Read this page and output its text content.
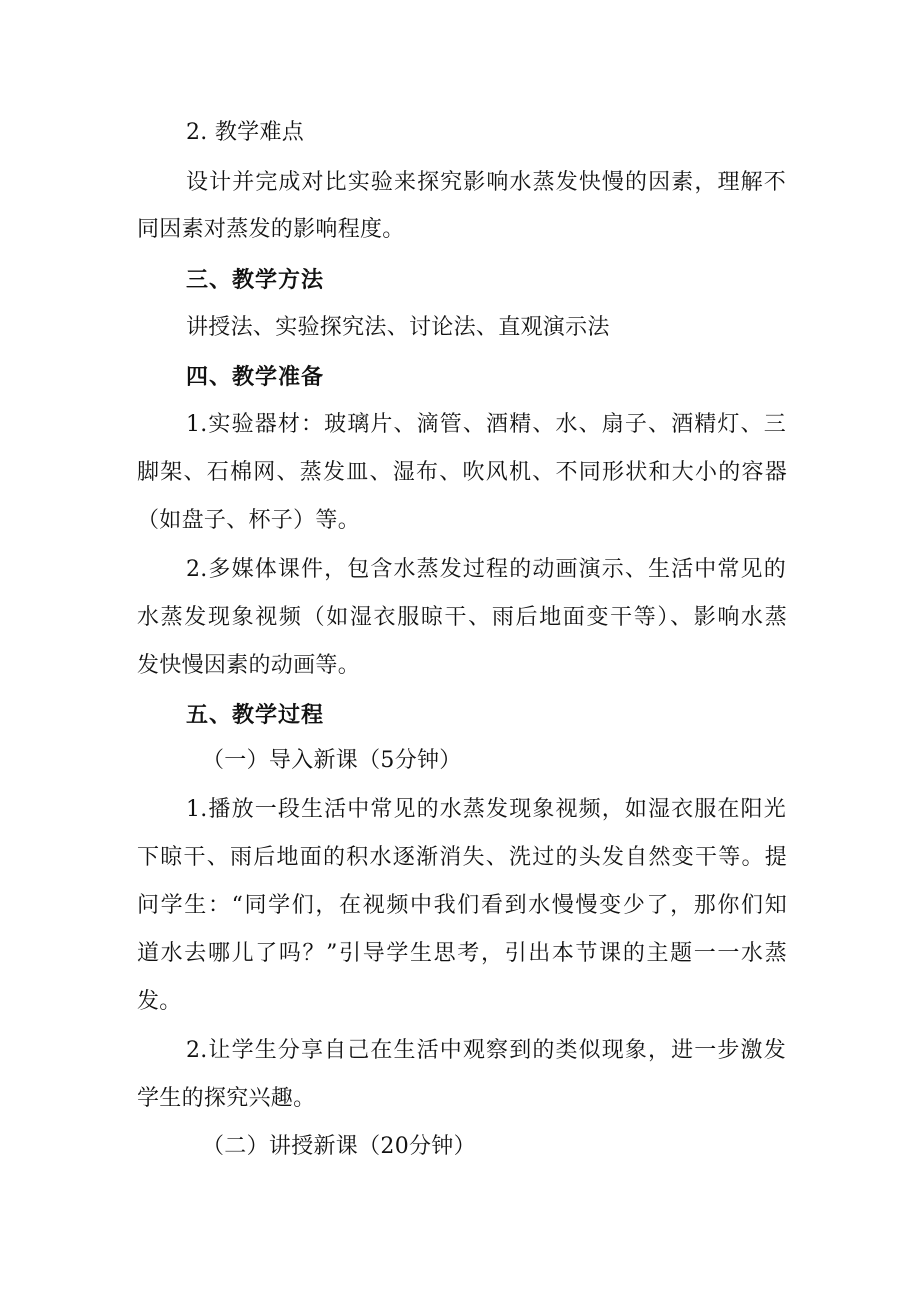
2. 教学难点
设计并完成对比实验来探究影响水蒸发快慢的因素，理解不
同因素对蒸发的影响程度。
三、教学方法
讲授法、实验探究法、讨论法、直观演示法
四、教学准备
1.实验器材：玻璃片、滴管、酒精、水、扇子、酒精灯、三
脚架、石棉网、蒸发皿、湿布、吹风机、不同形状和大小的容器
（如盘子、杯子）等。
2.多媒体课件，包含水蒸发过程的动画演示、生活中常见的
水蒸发现象视频（如湿衣服晾干、雨后地面变干等）、影响水蒸
发快慢因素的动画等。
五、教学过程
（一）导入新课（5分钟）
1.播放一段生活中常见的水蒸发现象视频，如湿衣服在阳光
下晾干、雨后地面的积水逐渐消失、洗过的头发自然变干等。提
问学生：“同学们，在视频中我们看到水慢慢变少了，那你们知
道水去哪儿了吗？”引导学生思考，引出本节课的主题一一水蒸
发。
2.让学生分享自己在生活中观察到的类似现象，进一步激发
学生的探究兴趣。
（二）讲授新课（20分钟）
